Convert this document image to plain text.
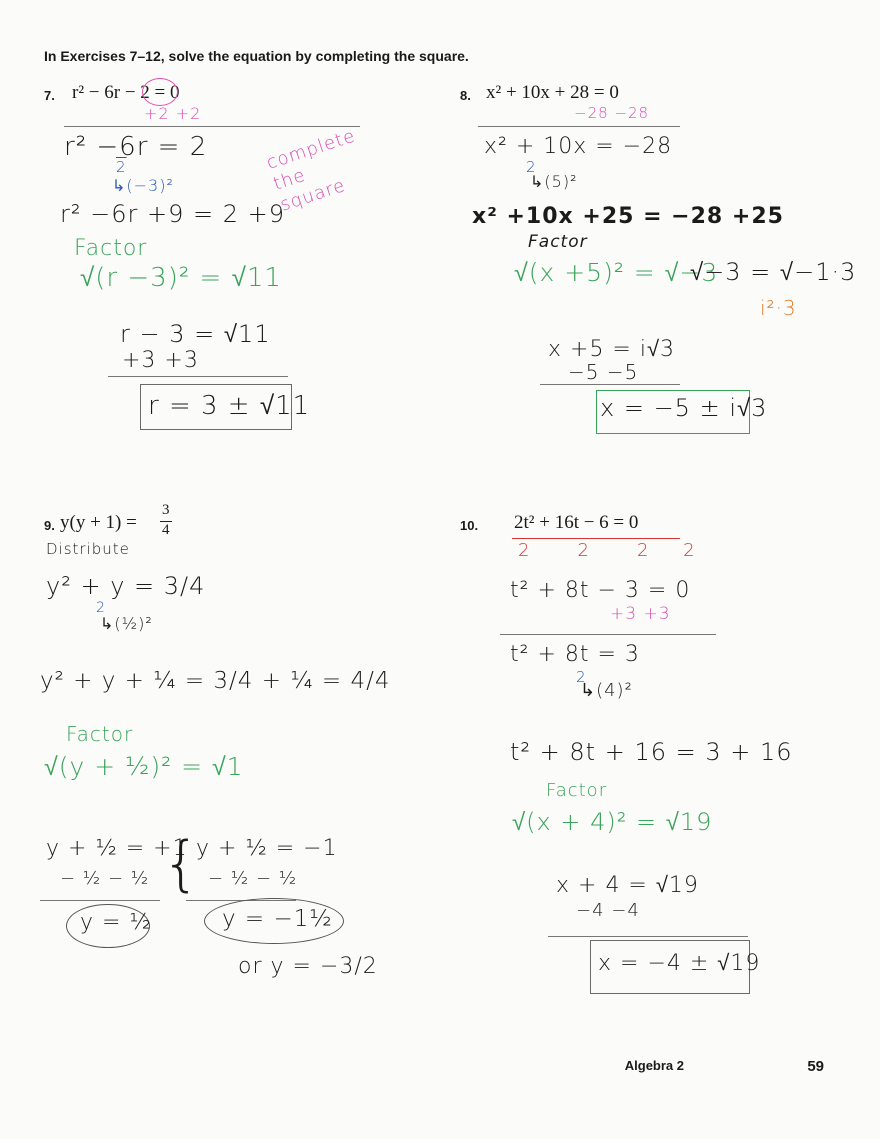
In Exercises 7–12, solve the equation by completing the square.
7. r² − 6r − 2 = 0
+2 +2
r² −6r = 2
2
↳(−3)²
complete
the
square
r² −6r +9 = 2 +9
Factor
√(r −3)² = √11
r − 3 = √11
+3 +3
r = 3 ± √11
8. x² + 10x + 28 = 0
−28 −28
x² + 10x = −28
2
↳(5)²
x² +10x +25 = −28 +25
Factor
√(x +5)² = √−3
√−3 = √−1·3
i²·3
x +5 = i√3
−5 −5
x = −5 ± i√3
9. y(y + 1) =
3
4
Distribute
y² + y = 3/4
2
↳(½)²
y² + y + ¼ = 3/4 + ¼ = 4/4
Factor
√(y + ½)² = √1
y + ½ = +1
− ½ − ½
y + ½ = −1
− ½ − ½
{
y = ½	y = −1½
or y = −3/2
10. 2t² + 16t − 6 = 0
2       2       2     2
t² + 8t − 3 = 0
+3 +3
t² + 8t = 3
2
↳(4)²
t² + 8t + 16 = 3 + 16
Factor
√(x + 4)² = √19
x + 4 = √19
−4 −4
x = −4 ± √19
Algebra 2	59
